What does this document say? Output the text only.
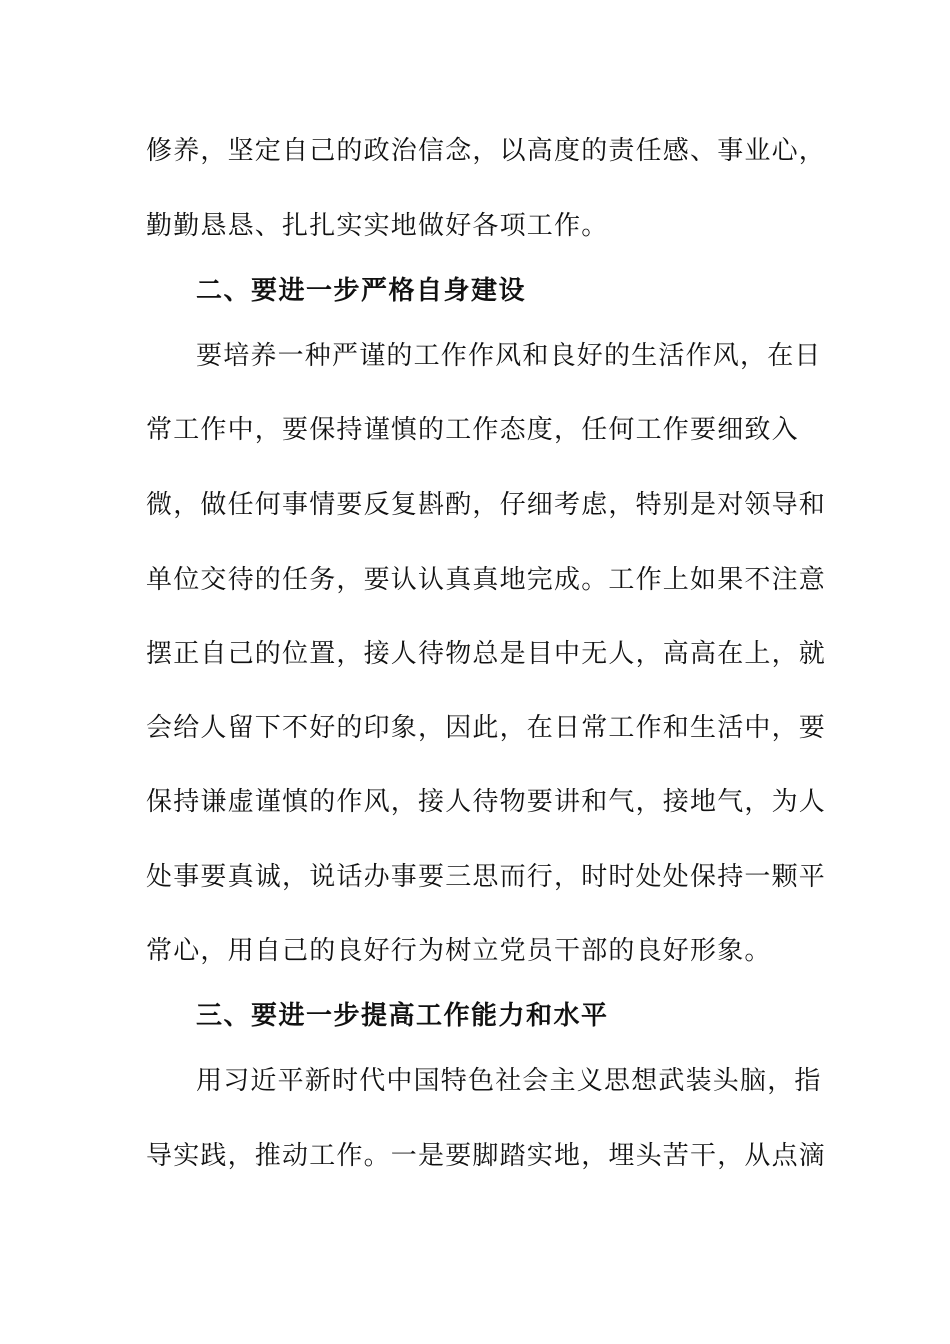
修养，坚定自己的政治信念，以高度的责任感、事业心，
勤勤恳恳、扎扎实实地做好各项工作。
二、要进一步严格自身建设
要培养一种严谨的工作作风和良好的生活作风，在日
常工作中，要保持谨慎的工作态度，任何工作要细致入
微，做任何事情要反复斟酌，仔细考虑，特别是对领导和
单位交待的任务，要认认真真地完成。工作上如果不注意
摆正自己的位置，接人待物总是目中无人，高高在上，就
会给人留下不好的印象，因此，在日常工作和生活中，要
保持谦虚谨慎的作风，接人待物要讲和气，接地气，为人
处事要真诚，说话办事要三思而行，时时处处保持一颗平
常心，用自己的良好行为树立党员干部的良好形象。
三、要进一步提高工作能力和水平
用习近平新时代中国特色社会主义思想武装头脑，指
导实践，推动工作。一是要脚踏实地，埋头苦干，从点滴
